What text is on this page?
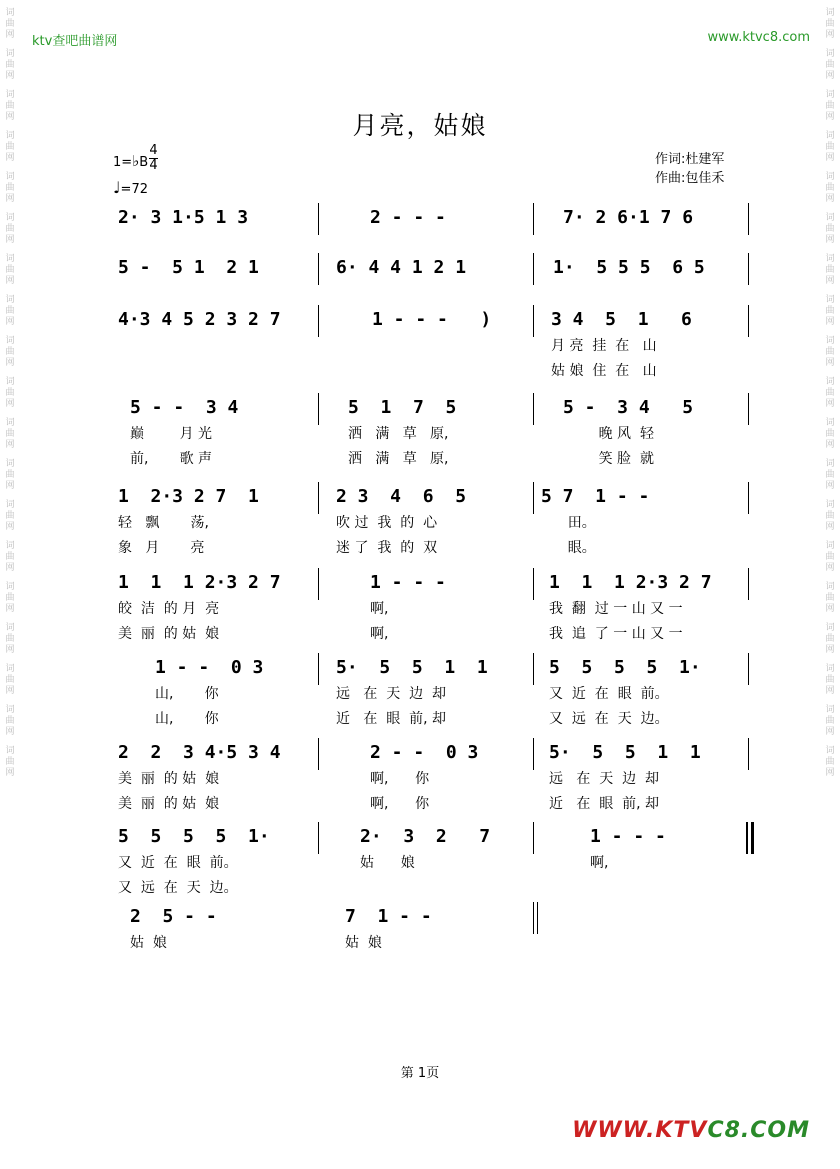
词
曲
网
词
曲
网
词
曲
网
词
曲
网
词
曲
网
词
曲
网
词
曲
网
词
曲
网
词
曲
网
词
曲
网
词
曲
网
词
曲
网
词
曲
网
词
曲
网
词
曲
网
词
曲
网
词
曲
网
词
曲
网
词
曲
网
词
曲
网
词
曲
网
词
曲
网
词
曲
网
词
曲
网
词
曲
网
词
曲
网
词
曲
网
词
曲
网
词
曲
网
词
曲
网
词
曲
网
词
曲
网
词
曲
网
词
曲
网
词
曲
网
词
曲
网
词
曲
网
词
曲
网
ktv查吧曲谱网	www.ktvc8.com
月亮，姑娘
1=♭B
4
4
♩=72
作词:杜建军
作曲:包佳禾
2· 3 1·5 1 3	2 - - -	7· 2 6·1 7 6
5 -  5 1  2 1	6· 4 4 1 2 1	1·  5 5 5  6 5
4·3 4 5 2 3 2 7	1 - - -   )	3 4  5  1   6
月 亮  挂  在   山
姑 娘  住  在   山
5 - -  3 4	5  1  7  5	5 -  3 4   5
巅        月 光	洒   满   草   原,	晚 风  轻
前,       歌 声	洒   满   草   原,	笑 脸  就
1  2·3 2 7  1	2 3  4  6  5	5 7  1 - -
轻   飘       荡,	吹 过  我  的  心	田。
象   月       亮	迷 了  我  的  双	眼。
1  1  1 2·3 2 7	1 - - -	1  1  1 2·3 2 7
皎  洁  的 月  亮	啊,	我  翻  过 一 山 又 一
美  丽  的 姑  娘	啊,	我  追  了 一 山 又 一
1 - -  0 3	5·  5  5  1  1	5  5  5  5  1·
山,       你	远   在  天  边  却	又  近  在  眼  前。
山,       你	近   在  眼  前, 却	又  远  在  天  边。
2  2  3 4·5 3 4	2 - -  0 3	5·  5  5  1  1
美  丽  的 姑  娘	啊,      你	远   在  天  边  却
美  丽  的 姑  娘	啊,      你	近   在  眼  前, 却
5  5  5  5  1·	2·  3  2   7	1 - - -
又  近  在  眼  前。	姑      娘	啊,
又  远  在  天  边。
2  5 - -	7  1 - -
姑  娘	姑  娘
第 1页
WWW.KTVC8.COM
